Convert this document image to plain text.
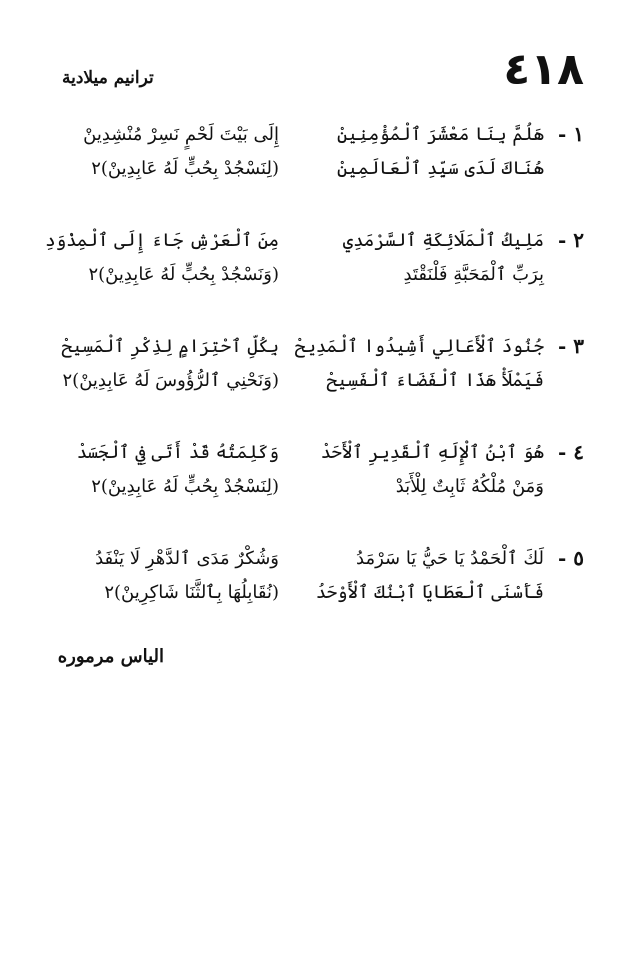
٤١٨
ترانيم ميلادية
١ -
هَلُمَّ بِنَا مَعْشَرَ ٱلْمُؤْمِنِينْ
إِلَى بَيْتَ لَحْمٍ نَسِرْ مُنْشِدِينْ
هُنَاكَ لَدَى سَيِّدِ ٱلْعَالَمِينْ
(لِنَسْجُدْ بِحُبٍّ لَهُ عَابِدِينْ)٢
٢ -
مَلِيكُ ٱلْمَلَائِكَةِ ٱلسَّرْمَدِي
مِنَ ٱلْعَرْشِ جَاءَ إِلَى ٱلْمِذْوَدِ
بِرَبِّ ٱلْمَحَبَّةِ فَلْنَقْتَدِ
(وَنَسْجُدْ بِحُبٍّ لَهُ عَابِدِينْ)٢
٣ -
جُنُودَ ٱلْأَعَالِي أَشِيدُوا ٱلْمَدِيحْ
بِكُلِّ ٱحْتِرَامٍ لِذِكْرِ ٱلْمَسِيحْ
فَيَمْلَأْ هَذَا ٱلْفَضَاءَ ٱلْفَسِيحْ
(وَنَحْنِي ٱلرُّؤُوسَ لَهُ عَابِدِينْ)٢
٤ -
هُوَ ٱبْنُ ٱلْإِلَهِ ٱلْقَدِيرِ ٱلْأَحَدْ
وَكَلِمَتُهُ قَدْ أَتَى فِي ٱلْجَسَدْ
وَمَنْ مُلْكُهُ ثَابِتٌ لِلْأَبَدْ
(لِنَسْجُدْ بِحُبٍّ لَهُ عَابِدِينْ)٢
٥ -
لَكَ ٱلْحَمْدُ يَا حَيُّ يَا سَرْمَدُ
وَشُكْرٌ مَدَى ٱلدَّهْرِ لَا يَنْفَدُ
فَأَسْنَى ٱلْعَطَايَا ٱبْنُكَ ٱلْأَوْحَدُ
(نُقَابِلُهَا بِٱلثَّنَا شَاكِرِينْ)٢
الياس مرموره
